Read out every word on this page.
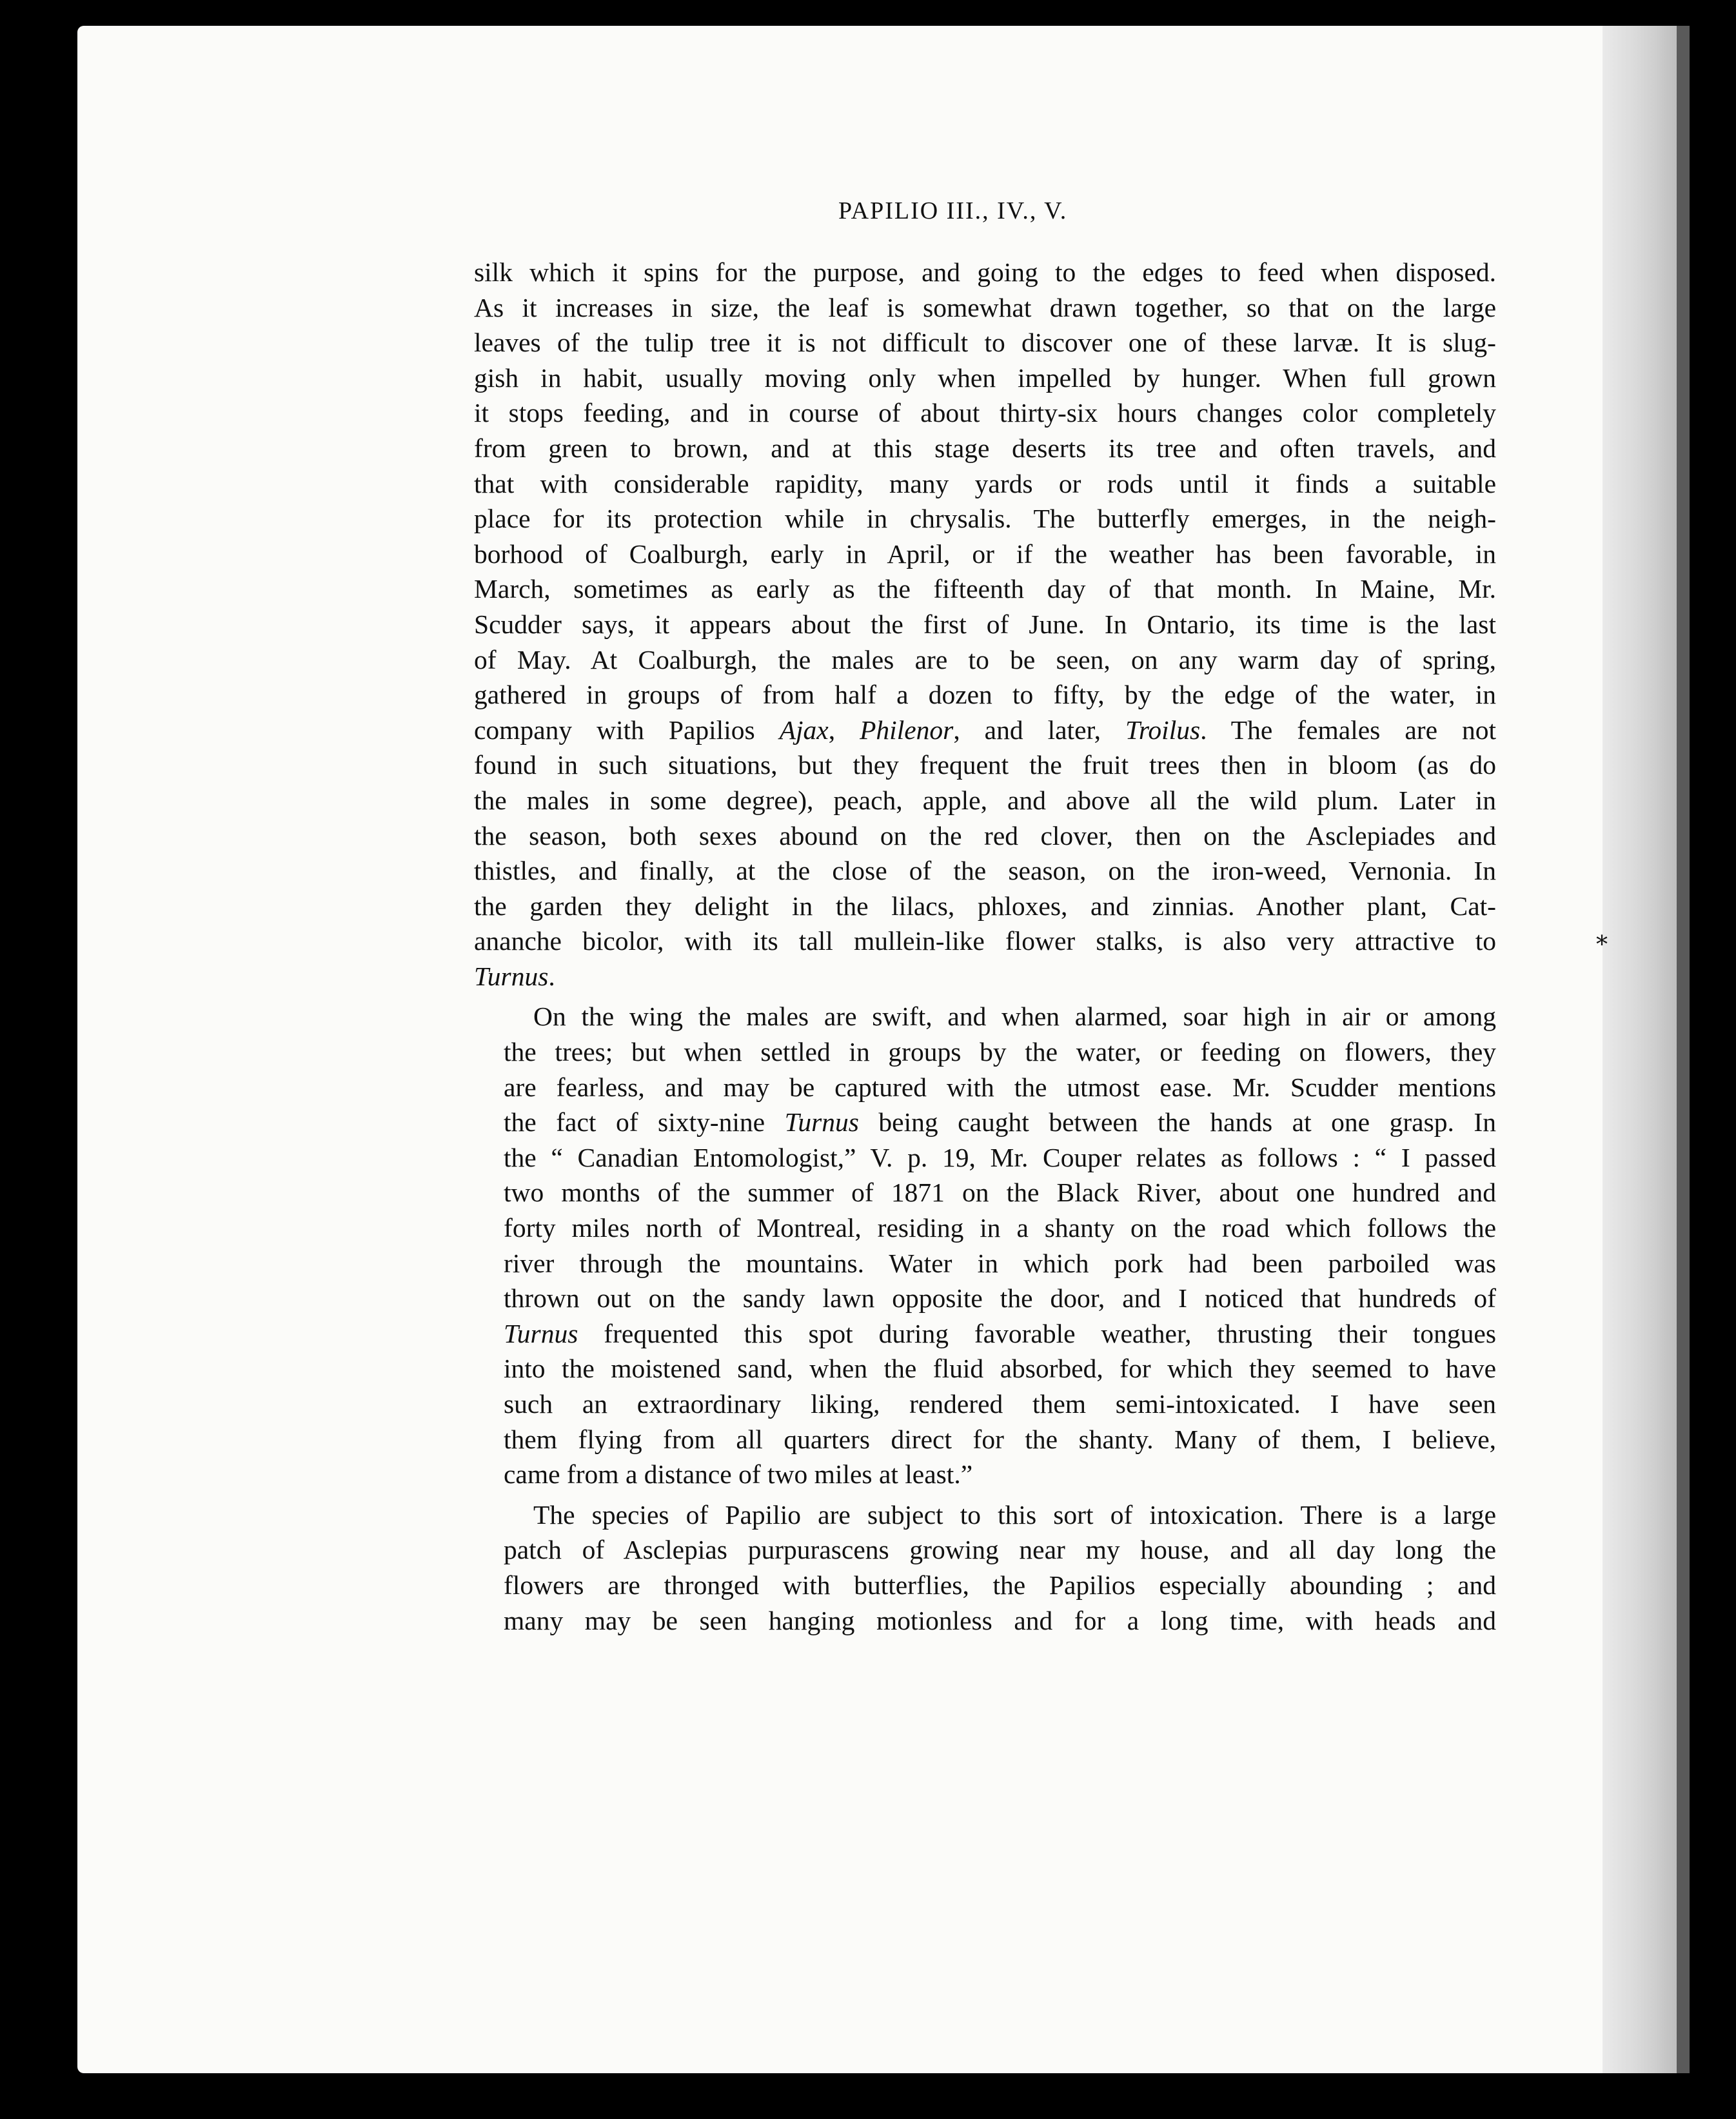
PAPILIO III., IV., V.
silk which it spins for the purpose, and going to the edges to feed when disposed.
As it increases in size, the leaf is somewhat drawn together, so that on the large
leaves of the tulip tree it is not difficult to discover one of these larvæ. It is slug-
gish in habit, usually moving only when impelled by hunger. When full grown
it stops feeding, and in course of about thirty-six hours changes color completely
from green to brown, and at this stage deserts its tree and often travels, and
that with considerable rapidity, many yards or rods until it finds a suitable
place for its protection while in chrysalis. The butterfly emerges, in the neigh-
borhood of Coalburgh, early in April, or if the weather has been favorable, in
March, sometimes as early as the fifteenth day of that month. In Maine, Mr.
Scudder says, it appears about the first of June. In Ontario, its time is the last
of May. At Coalburgh, the males are to be seen, on any warm day of spring,
gathered in groups of from half a dozen to fifty, by the edge of the water, in
company with Papilios Ajax, Philenor, and later, Troilus. The females are not
found in such situations, but they frequent the fruit trees then in bloom (as do
the males in some degree), peach, apple, and above all the wild plum. Later in
the season, both sexes abound on the red clover, then on the Asclepiades and
thistles, and finally, at the close of the season, on the iron-weed, Vernonia. In
the garden they delight in the lilacs, phloxes, and zinnias. Another plant, Cat-
ananche bicolor, with its tall mullein-like flower stalks, is also very attractive to
Turnus.
On the wing the males are swift, and when alarmed, soar high in air or among
the trees; but when settled in groups by the water, or feeding on flowers, they
are fearless, and may be captured with the utmost ease. Mr. Scudder mentions
the fact of sixty-nine Turnus being caught between the hands at one grasp. In
the “ Canadian Entomologist,” V. p. 19, Mr. Couper relates as follows : “ I passed
two months of the summer of 1871 on the Black River, about one hundred and
forty miles north of Montreal, residing in a shanty on the road which follows the
river through the mountains. Water in which pork had been parboiled was
thrown out on the sandy lawn opposite the door, and I noticed that hundreds of
Turnus frequented this spot during favorable weather, thrusting their tongues
into the moistened sand, when the fluid absorbed, for which they seemed to have
such an extraordinary liking, rendered them semi-intoxicated. I have seen
them flying from all quarters direct for the shanty. Many of them, I believe,
came from a distance of two miles at least.”
The species of Papilio are subject to this sort of intoxication. There is a large
patch of Asclepias purpurascens growing near my house, and all day long the
flowers are thronged with butterflies, the Papilios especially abounding ; and
many may be seen hanging motionless and for a long time, with heads and
⁎
